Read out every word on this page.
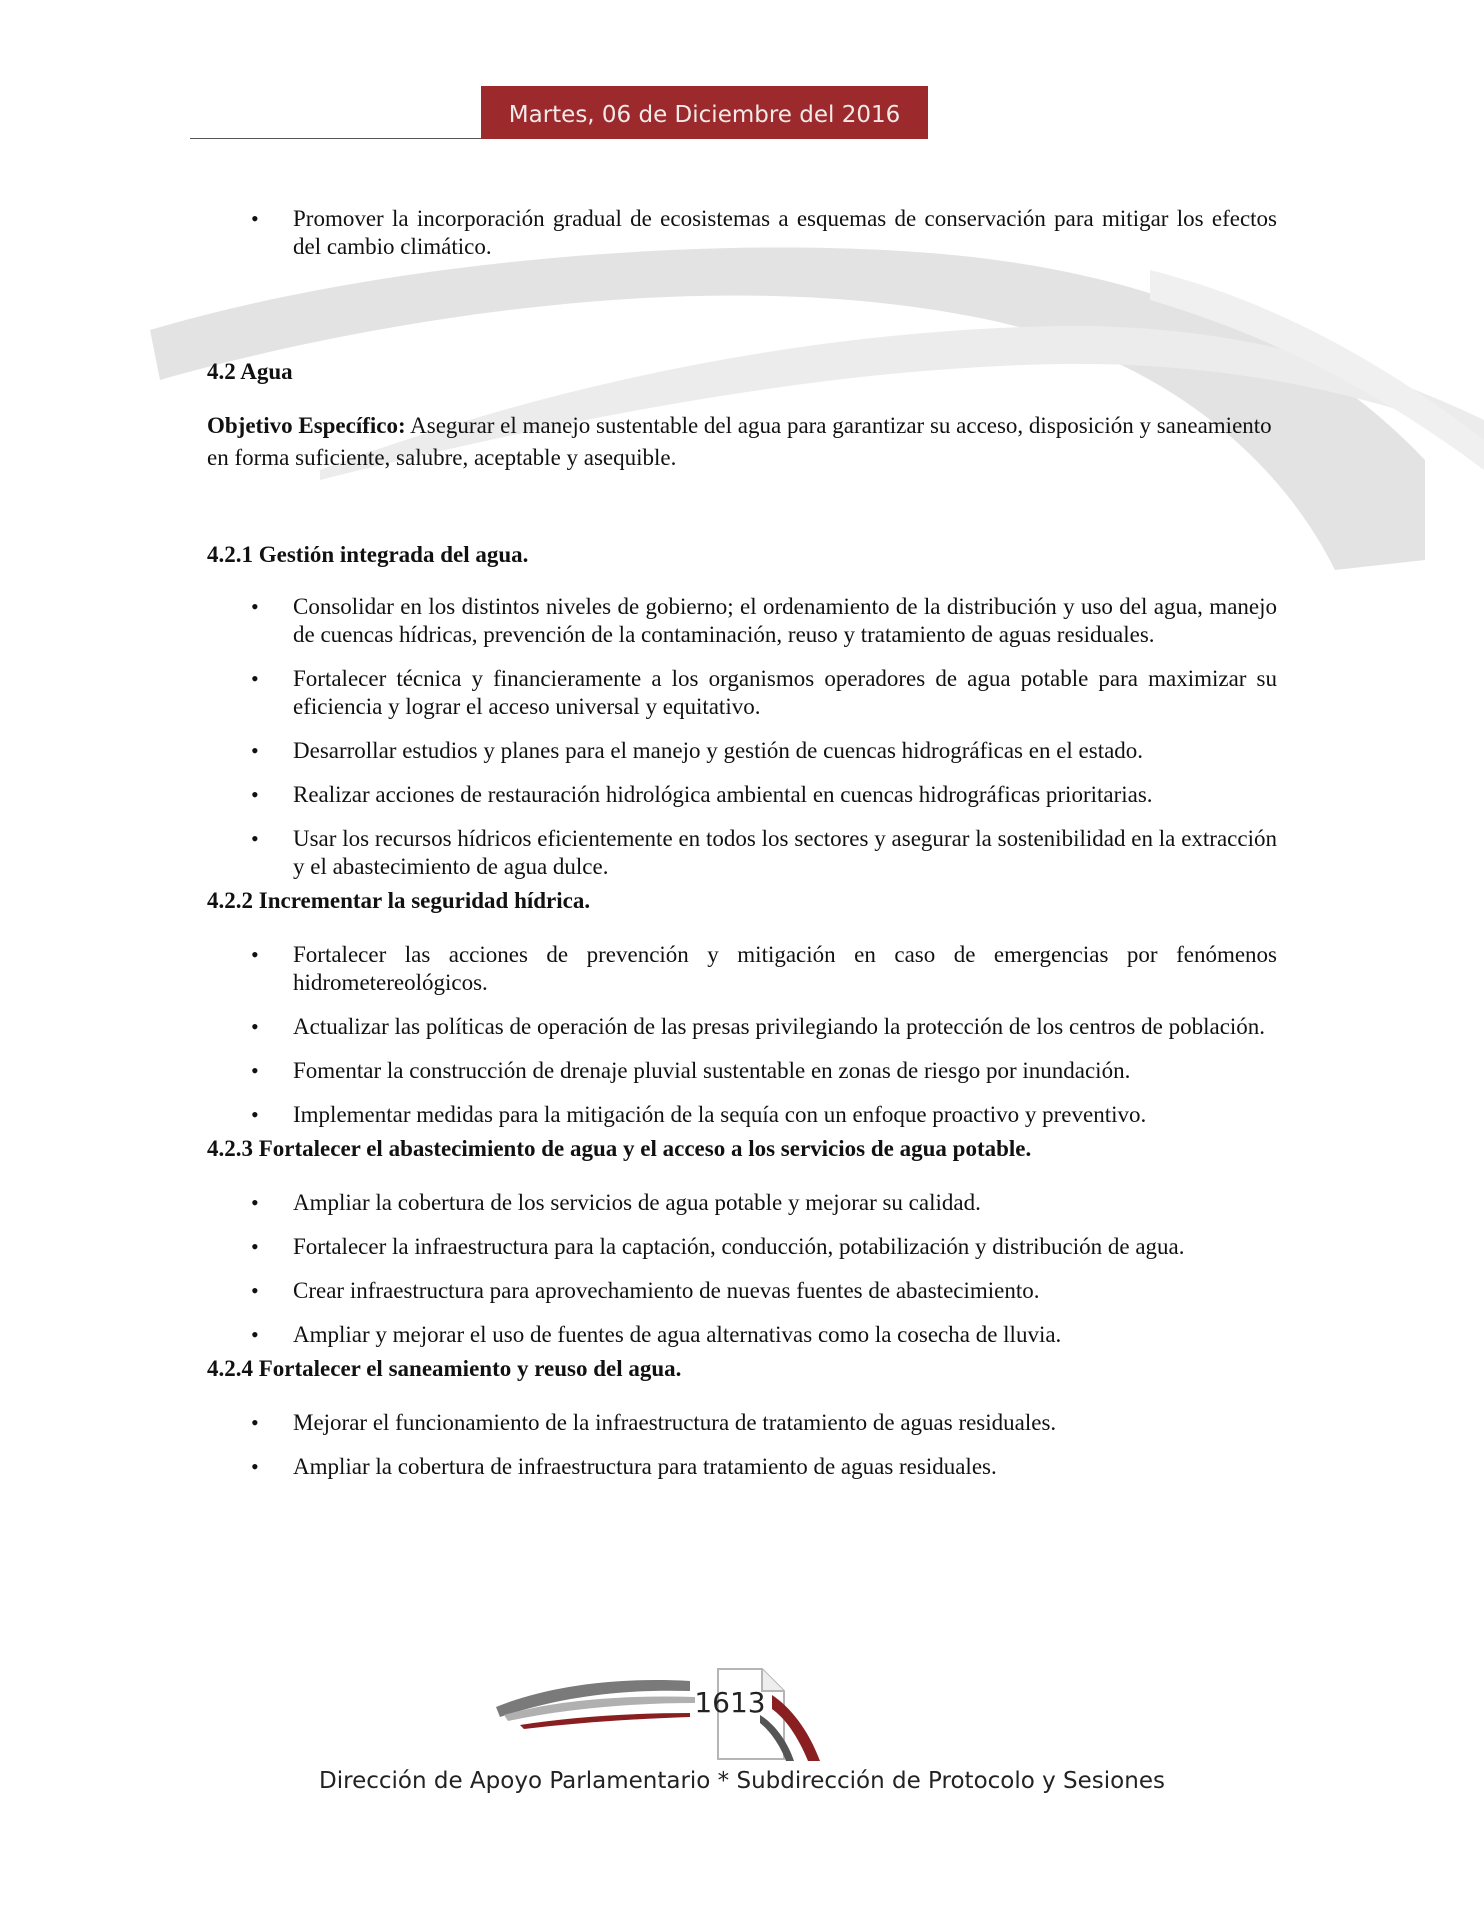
Martes, 06 de Diciembre del 2016
• Promover la incorporación gradual de ecosistemas a esquemas de conservación para mitigar los efectos del cambio climático.

4.2 Agua

Objetivo Específico: Asegurar el manejo sustentable del agua para garantizar su acceso, disposición y saneamiento en forma suficiente, salubre, aceptable y asequible.

4.2.1 Gestión integrada del agua.

• Consolidar en los distintos niveles de gobierno; el ordenamiento de la distribución y uso del agua, manejo de cuencas hídricas, prevención de la contaminación, reuso y tratamiento de aguas residuales.
• Fortalecer técnica y financieramente a los organismos operadores de agua potable para maximizar su eficiencia y lograr el acceso universal y equitativo.
• Desarrollar estudios y planes para el manejo y gestión de cuencas hidrográficas en el estado.
• Realizar acciones de restauración hidrológica ambiental en cuencas hidrográficas prioritarias.
• Usar los recursos hídricos eficientemente en todos los sectores y asegurar la sostenibilidad en la extracción y el abastecimiento de agua dulce.

4.2.2 Incrementar la seguridad hídrica.

• Fortalecer las acciones de prevención y mitigación en caso de emergencias por fenómenos hidrometereológicos.
• Actualizar las políticas de operación de las presas privilegiando la protección de los centros de población.
• Fomentar la construcción de drenaje pluvial sustentable en zonas de riesgo por inundación.
• Implementar medidas para la mitigación de la sequía con un enfoque proactivo y preventivo.

4.2.3 Fortalecer el abastecimiento de agua y el acceso a los servicios de agua potable.

• Ampliar la cobertura de los servicios de agua potable y mejorar su calidad.
• Fortalecer la infraestructura para la captación, conducción, potabilización y distribución de agua.
• Crear infraestructura para aprovechamiento de nuevas fuentes de abastecimiento.
• Ampliar y mejorar el uso de fuentes de agua alternativas como la cosecha de lluvia.

4.2.4 Fortalecer el saneamiento y reuso del agua.

• Mejorar el funcionamiento de la infraestructura de tratamiento de aguas residuales.
• Ampliar la cobertura de infraestructura para tratamiento de aguas residuales.
1613
Dirección de Apoyo Parlamentario * Subdirección de Protocolo y Sesiones
